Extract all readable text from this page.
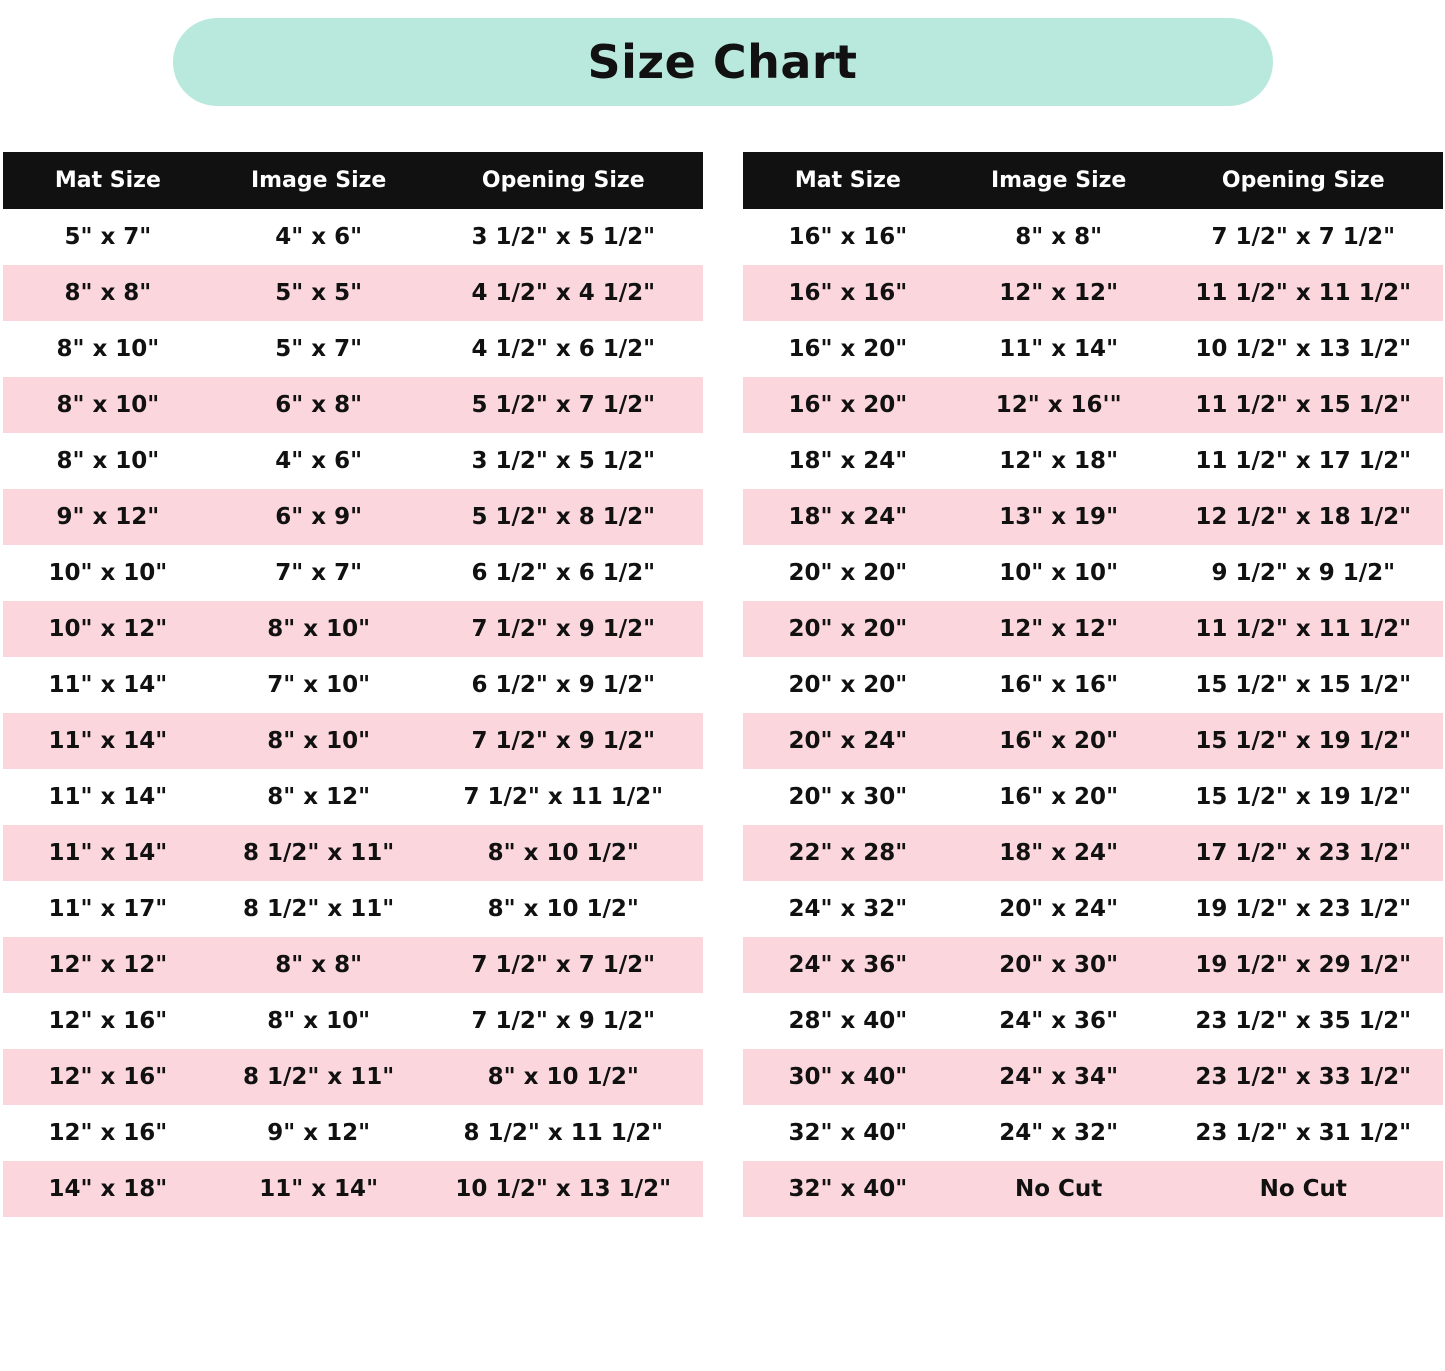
Size Chart
Mat Size	Image Size	Opening Size
5" x 7"	4" x 6"	3 1/2" x 5 1/2"
8" x 8"	5" x 5"	4 1/2" x 4 1/2"
8" x 10"	5" x 7"	4 1/2" x 6 1/2"
8" x 10"	6" x 8"	5 1/2" x 7 1/2"
8" x 10"	4" x 6"	3 1/2" x 5 1/2"
9" x 12"	6" x 9"	5 1/2" x 8 1/2"
10" x 10"	7" x 7"	6 1/2" x 6 1/2"
10" x 12"	8" x 10"	7 1/2" x 9 1/2"
11" x 14"	7" x 10"	6 1/2" x 9 1/2"
11" x 14"	8" x 10"	7 1/2" x 9 1/2"
11" x 14"	8" x 12"	7 1/2" x 11 1/2"
11" x 14"	8 1/2" x 11"	8" x 10 1/2"
11" x 17"	8 1/2" x 11"	8" x 10 1/2"
12" x 12"	8" x 8"	7 1/2" x 7 1/2"
12" x 16"	8" x 10"	7 1/2" x 9 1/2"
12" x 16"	8 1/2" x 11"	8" x 10 1/2"
12" x 16"	9" x 12"	8 1/2" x 11 1/2"
14" x 18"	11" x 14"	10 1/2" x 13 1/2"
Mat Size	Image Size	Opening Size
16" x 16"	8" x 8"	7 1/2" x 7 1/2"
16" x 16"	12" x 12"	11 1/2" x 11 1/2"
16" x 20"	11" x 14"	10 1/2" x 13 1/2"
16" x 20"	12" x 16'"	11 1/2" x 15 1/2"
18" x 24"	12" x 18"	11 1/2" x 17 1/2"
18" x 24"	13" x 19"	12 1/2" x 18 1/2"
20" x 20"	10" x 10"	9 1/2" x 9 1/2"
20" x 20"	12" x 12"	11 1/2" x 11 1/2"
20" x 20"	16" x 16"	15 1/2" x 15 1/2"
20" x 24"	16" x 20"	15 1/2" x 19 1/2"
20" x 30"	16" x 20"	15 1/2" x 19 1/2"
22" x 28"	18" x 24"	17 1/2" x 23 1/2"
24" x 32"	20" x 24"	19 1/2" x 23 1/2"
24" x 36"	20" x 30"	19 1/2" x 29 1/2"
28" x 40"	24" x 36"	23 1/2" x 35 1/2"
30" x 40"	24" x 34"	23 1/2" x 33 1/2"
32" x 40"	24" x 32"	23 1/2" x 31 1/2"
32" x 40"	No Cut	No Cut
